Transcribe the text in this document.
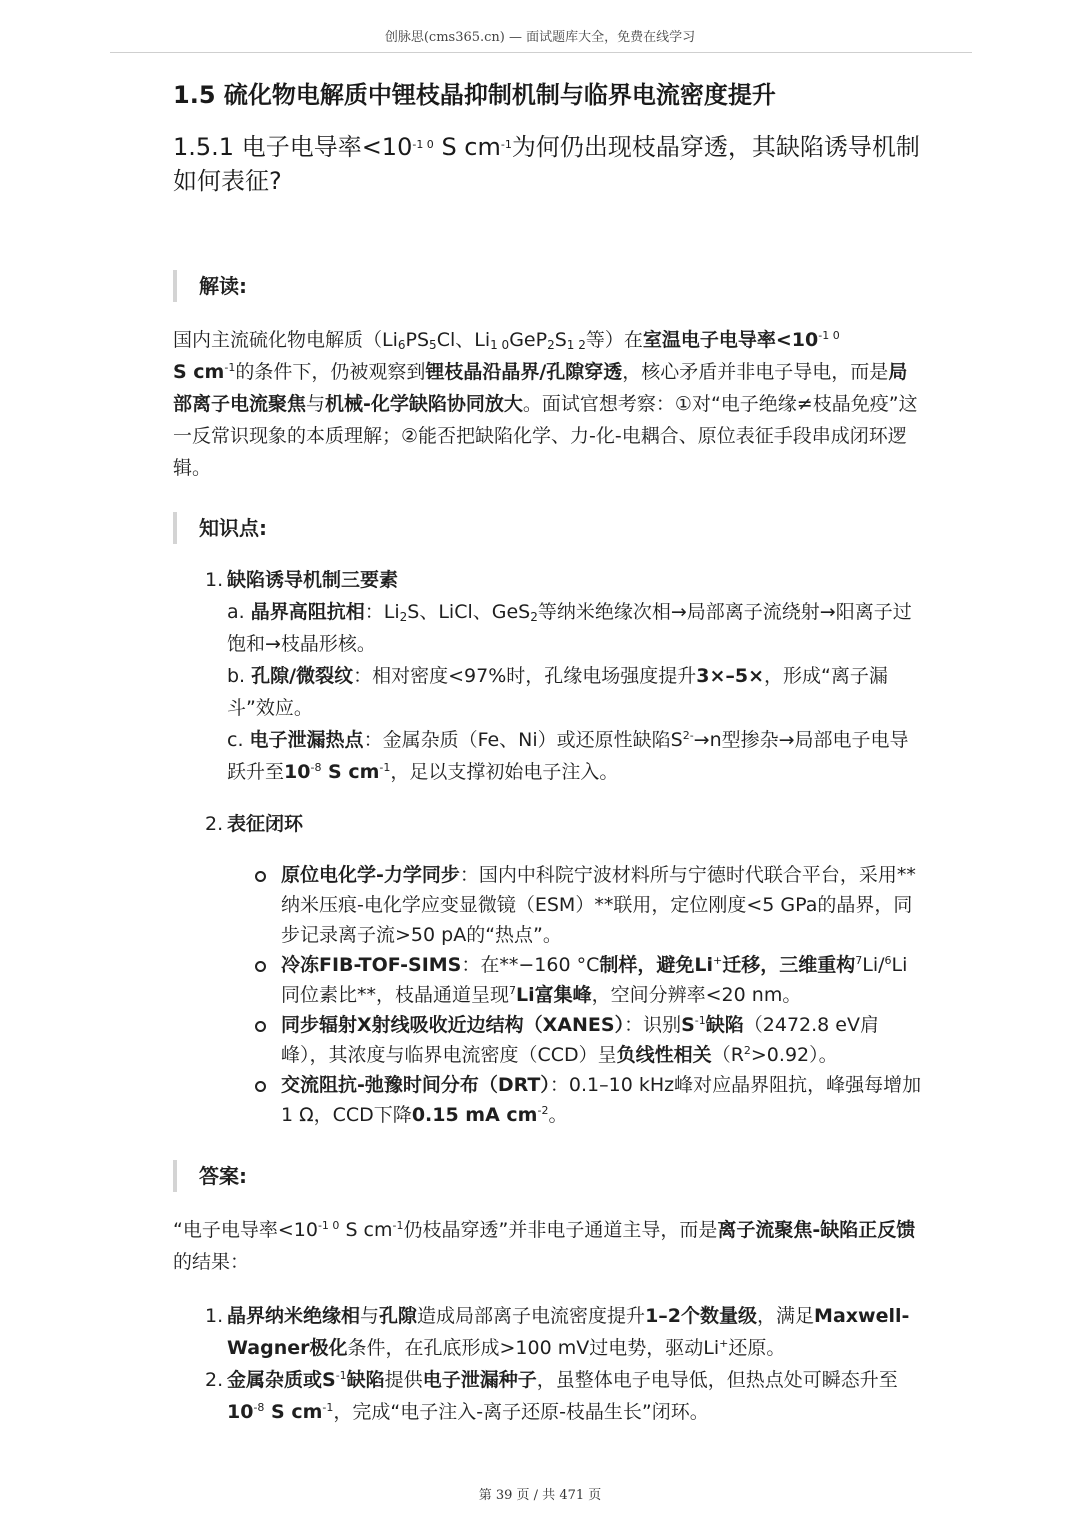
创脉思(cms365.cn) — 面试题库大全，免费在线学习
1.5 硫化物电解质中锂枝晶抑制机制与临界电流密度提升
1.5.1 电子电导率$<10^{-1 0}$ S $cm^{-1}$为何仍出现枝晶穿透，其缺陷诱导机制如何表征?
解读:

国内主流硫化物电解质（$Li_6PS_5Cl$、$Li_{1 0}GeP_2S_{1 2}$等）在室温电子电导率$<10^{-1 0}$
S $cm^{-1}$的条件下，仍被观察到锂枝晶沿晶界/孔隙穿透，核心矛盾并非电子导电，而是局部离子电流聚焦与机械-化学缺陷协同放大。面试官想考察：①对“电子绝缘≠枝晶免疫”这一反常识现象的本质理解；②能否把缺陷化学、力-化-电耦合、原位表征手段串成闭环逻辑。

知识点:
1. 缺陷诱导机制三要素
a. 晶界高阻抗相：$Li_2S$、LiCl、GeS$_2$等纳米绝缘次相→局部离子流绕射→阳离子过饱和→枝晶形核。
b. 孔隙/微裂纹：相对密度<97%时，孔缘电场强度提升3×–5×，形成“离子漏斗”效应。
c. 电子泄漏热点：金属杂质（Fe、Ni）或还原性缺陷$S^{2-}\to n$型掺杂→局部电子电导跃升至$10^{-8}$ S $cm^{-1}$，足以支撑初始电子注入。
2. 表征闭环
原位电化学-力学同步：国内中科院宁波材料所与宁德时代联合平台，采用**纳米压痕-电化学应变显微镜（ESM）**联用，定位刚度<5 GPa的晶界，同步记录离子流>50 pA的“热点”。
冷冻FIB-TOF-SIMS：在**−160 °C制样，避免Li+迁移，三维重构$^7$Li/$^6$Li同位素比**，枝晶通道呈现$^7$Li富集峰，空间分辨率<20 nm。
同步辐射X射线吸收近边结构（XANES）：识别$S^{-1}$缺陷（2472.8 eV肩峰），其浓度与临界电流密度（CCD）呈负线性相关$(R^2>0.92)$。
交流阻抗-弛豫时间分布（DRT）：0.1–10 kHz峰对应晶界阻抗，峰强每增加1 Ω，CCD下降0.15 mA $cm^{-2}$。
答案:

“电子电导率$<10^{-1 0}$ S $cm^{-1}$仍枝晶穿透”并非电子通道主导，而是离子流聚焦-缺陷正反馈的结果：

1. 晶界纳米绝缘相与孔隙造成局部离子电流密度提升1–2个数量级，满足Maxwell-Wagner极化条件，在孔底形成>100 mV过电势，驱动Li+还原。
2. 金属杂质或$S^{-1}$缺陷提供电子泄漏种子，虽整体电子电导低，但热点处可瞬态升至$10^{-8}$ S $cm^{-1}$，完成“电子注入-离子还原-枝晶生长”闭环。
第 39 页 / 共 471 页
